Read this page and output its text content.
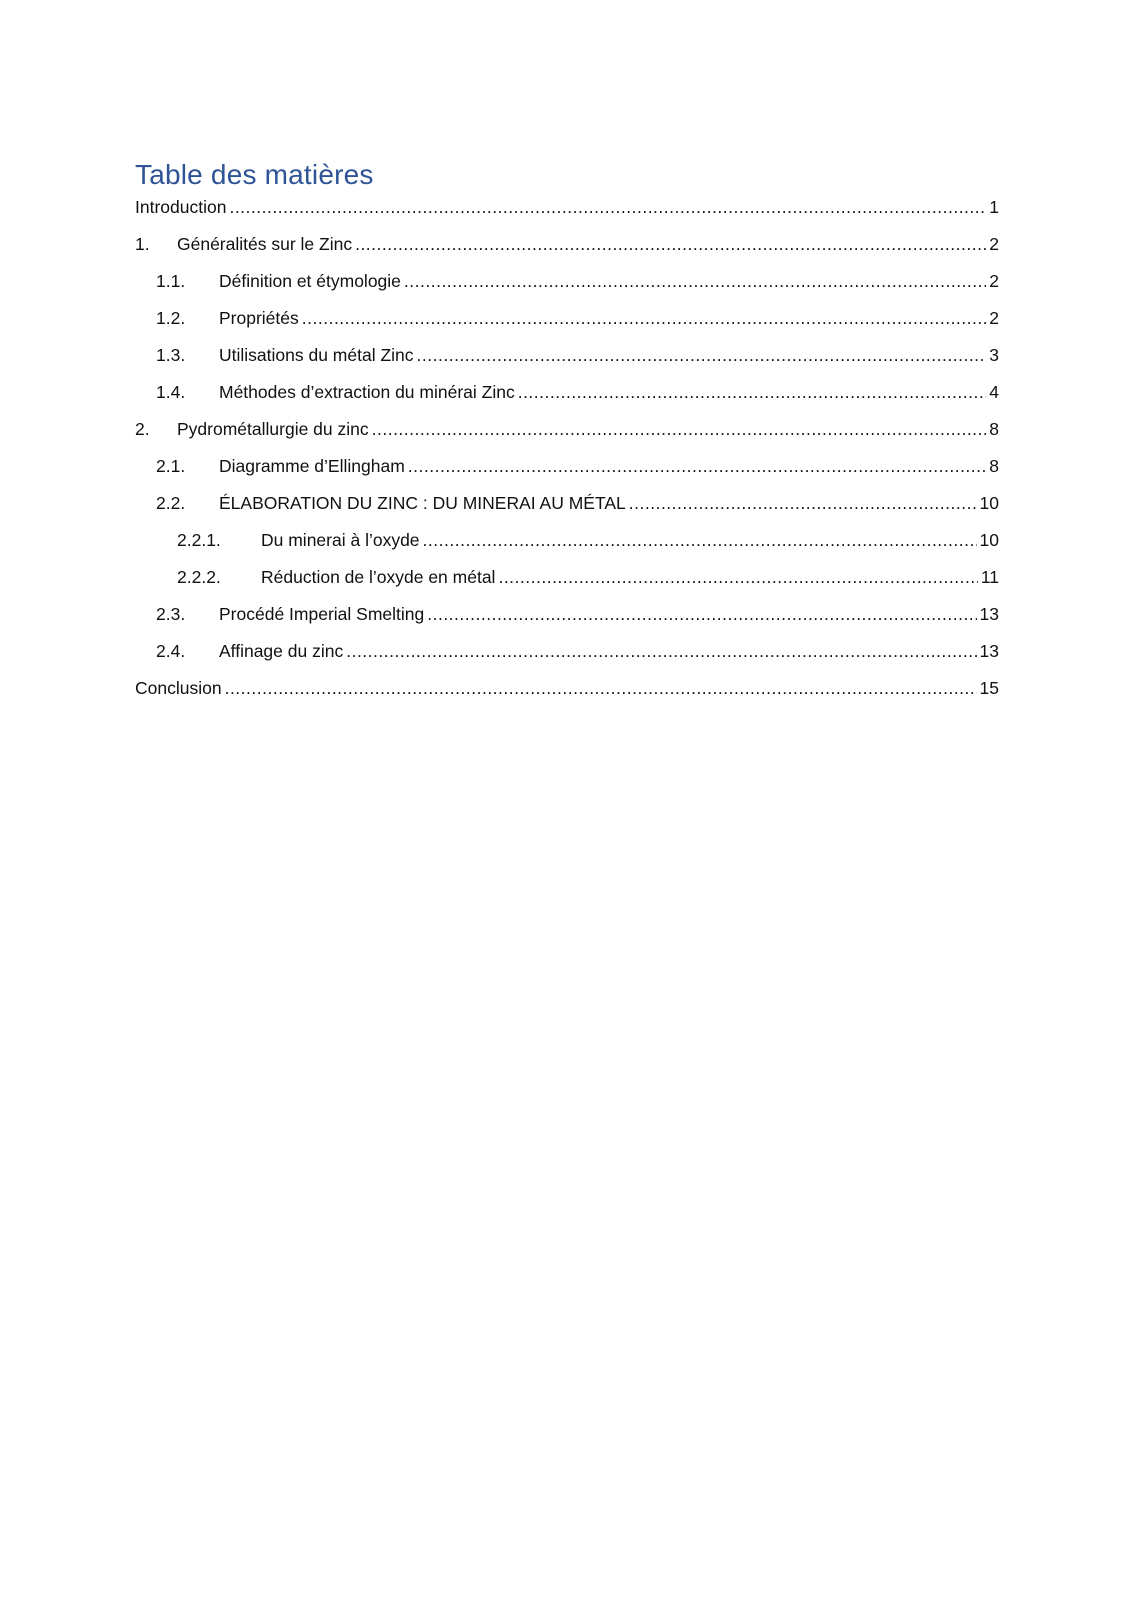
Table des matières
Introduction .....	1
1.	Généralités sur le Zinc .....	2
1.1.	Définition et étymologie .....	2
1.2.	Propriétés .....	2
1.3.	Utilisations du métal Zinc .....	3
1.4.	Méthodes d’extraction du minérai Zinc .....	4
2.	Pydrométallurgie du zinc .....	8
2.1.	Diagramme d’Ellingham .....	8
2.2.	ÉLABORATION DU ZINC : DU MINERAI AU MÉTAL .....	10
2.2.1.	Du minerai à l’oxyde .....	10
2.2.2.	Réduction de l’oxyde en métal .....	11
2.3.	Procédé Imperial Smelting .....	13
2.4.	Affinage du zinc .....	13
Conclusion .....	15
